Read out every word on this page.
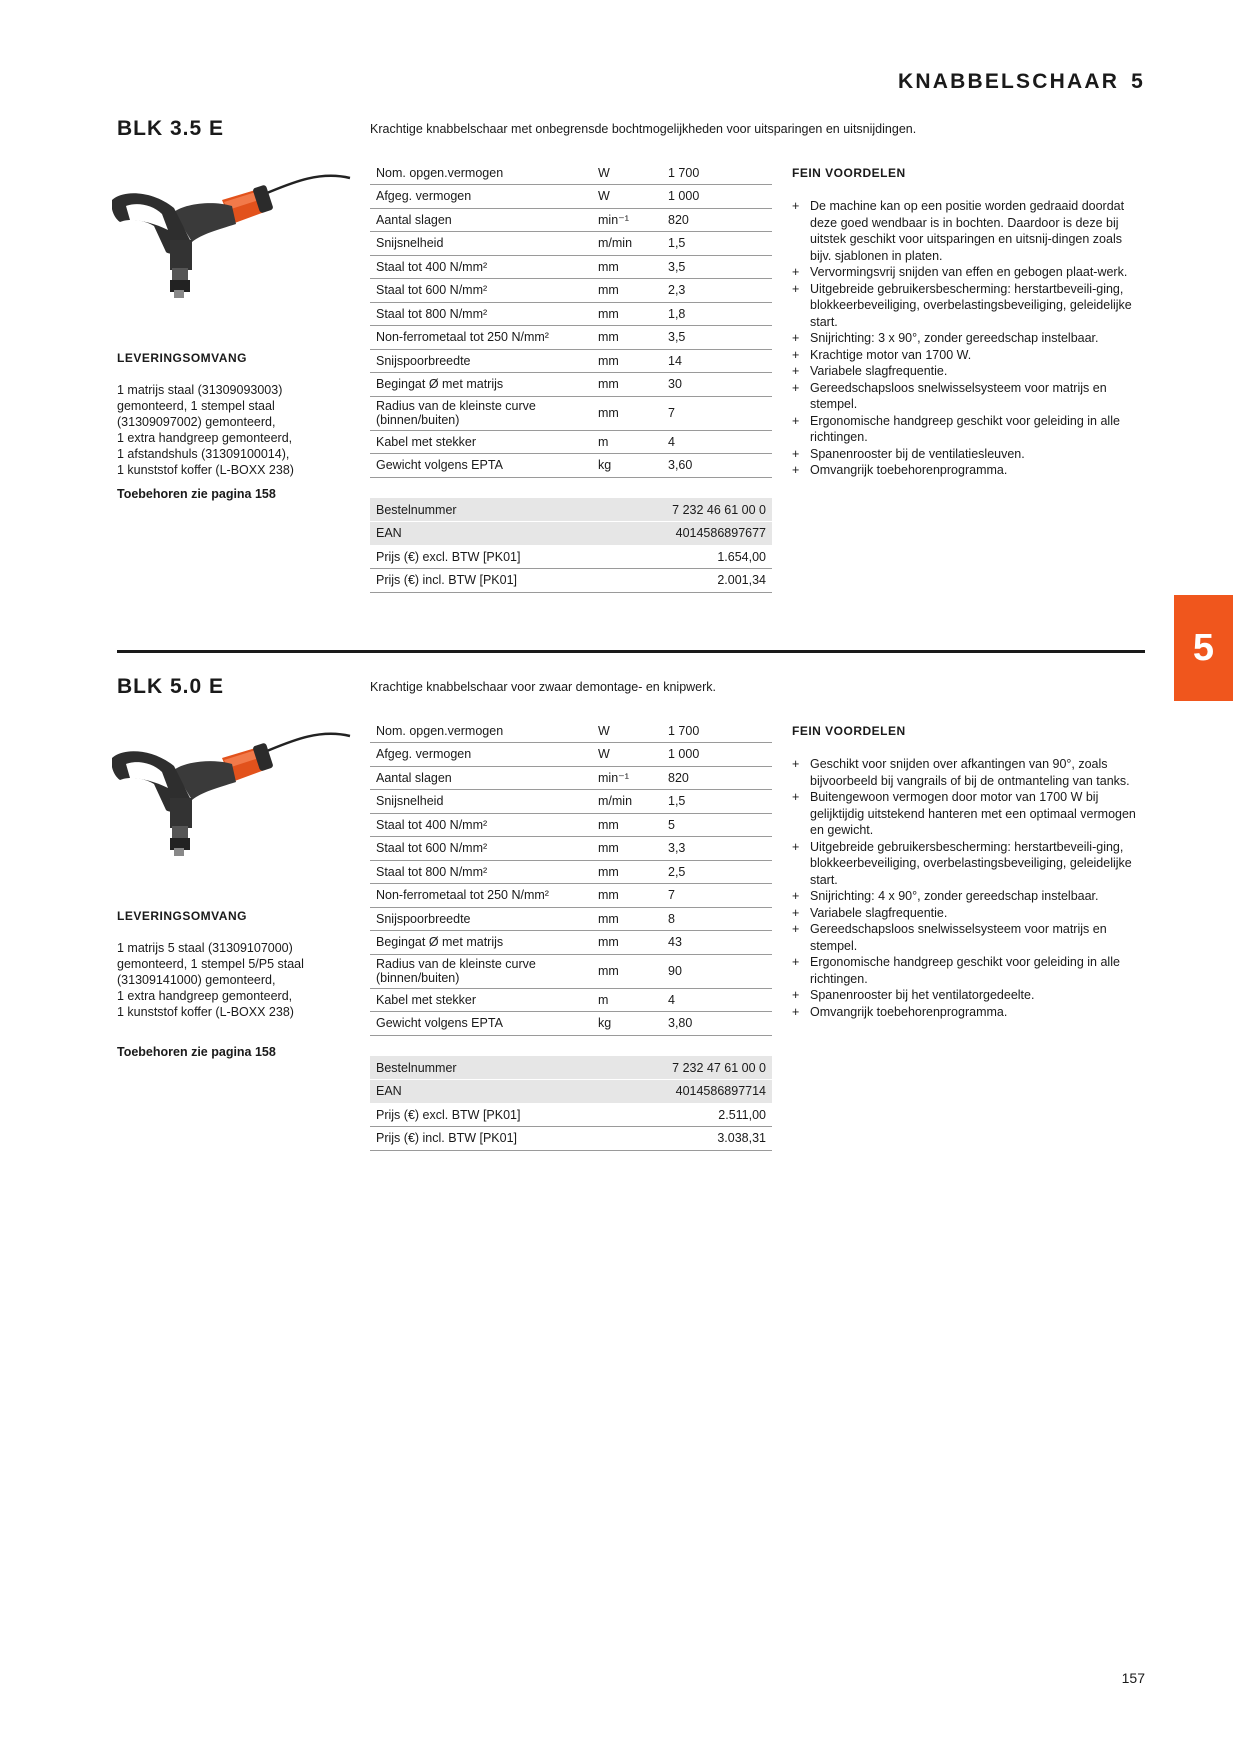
KNABBELSCHAAR 5
5
BLK 3.5 E	Krachtige knabbelschaar met onbegrensde bochtmogelijkheden voor uitsparingen en uitsnijdingen.
LEVERINGSOMVANG
1 matrijs staal (31309093003)
gemonteerd, 1 stempel staal
(31309097002) gemonteerd,
1 extra handgreep gemonteerd,
1 afstandshuls (31309100014),
1 kunststof koffer (L-BOXX 238)
Toebehoren zie pagina 158
Nom. opgen.vermogen	W	1 700
Afgeg. vermogen	W	1 000
Aantal slagen	min⁻¹	820
Snijsnelheid	m/min	1,5
Staal tot 400 N/mm²	mm	3,5
Staal tot 600 N/mm²	mm	2,3
Staal tot 800 N/mm²	mm	1,8
Non-ferrometaal tot 250 N/mm²	mm	3,5
Snijspoorbreedte	mm	14
Begingat Ø met matrijs	mm	30
Radius van de kleinste curve (binnen/buiten)	mm	7
Kabel met stekker	m	4
Gewicht volgens EPTA	kg	3,60
Bestelnummer	7 232 46 61 00 0
EAN	4014586897677
Prijs (€) excl. BTW [PK01]	1.654,00
Prijs (€) incl. BTW [PK01]	2.001,34
FEIN VOORDELEN
+ De machine kan op een positie worden gedraaid doordat deze goed wendbaar is in bochten. Daardoor is deze bij uitstek geschikt voor uitsparingen en uitsnij-dingen zoals bijv. sjablonen in platen.
+ Vervormingsvrij snijden van effen en gebogen plaat-werk.
+ Uitgebreide gebruikersbescherming: herstartbeveili-ging, blokkeerbeveiliging, overbelastingsbeveiliging, geleidelijke start.
+ Snijrichting: 3 x 90°, zonder gereedschap instelbaar.
+ Krachtige motor van 1700 W.
+ Variabele slagfrequentie.
+ Gereedschapsloos snelwisselsysteem voor matrijs en stempel.
+ Ergonomische handgreep geschikt voor geleiding in alle richtingen.
+ Spanenrooster bij de ventilatiesleuven.
+ Omvangrijk toebehorenprogramma.
BLK 5.0 E	Krachtige knabbelschaar voor zwaar demontage- en knipwerk.
LEVERINGSOMVANG
1 matrijs 5 staal (31309107000)
gemonteerd, 1 stempel 5/P5 staal
(31309141000) gemonteerd,
1 extra handgreep gemonteerd,
1 kunststof koffer (L-BOXX 238)
Toebehoren zie pagina 158
Nom. opgen.vermogen	W	1 700
Afgeg. vermogen	W	1 000
Aantal slagen	min⁻¹	820
Snijsnelheid	m/min	1,5
Staal tot 400 N/mm²	mm	5
Staal tot 600 N/mm²	mm	3,3
Staal tot 800 N/mm²	mm	2,5
Non-ferrometaal tot 250 N/mm²	mm	7
Snijspoorbreedte	mm	8
Begingat Ø met matrijs	mm	43
Radius van de kleinste curve (binnen/buiten)	mm	90
Kabel met stekker	m	4
Gewicht volgens EPTA	kg	3,80
Bestelnummer	7 232 47 61 00 0
EAN	4014586897714
Prijs (€) excl. BTW [PK01]	2.511,00
Prijs (€) incl. BTW [PK01]	3.038,31
FEIN VOORDELEN
+ Geschikt voor snijden over afkantingen van 90°, zoals bijvoorbeeld bij vangrails of bij de ontmanteling van tanks.
+ Buitengewoon vermogen door motor van 1700 W bij gelijktijdig uitstekend hanteren met een optimaal vermogen en gewicht.
+ Uitgebreide gebruikersbescherming: herstartbeveili-ging, blokkeerbeveiliging, overbelastingsbeveiliging, geleidelijke start.
+ Snijrichting: 4 x 90°, zonder gereedschap instelbaar.
+ Variabele slagfrequentie.
+ Gereedschapsloos snelwisselsysteem voor matrijs en stempel.
+ Ergonomische handgreep geschikt voor geleiding in alle richtingen.
+ Spanenrooster bij het ventilatorgedeelte.
+ Omvangrijk toebehorenprogramma.
157
